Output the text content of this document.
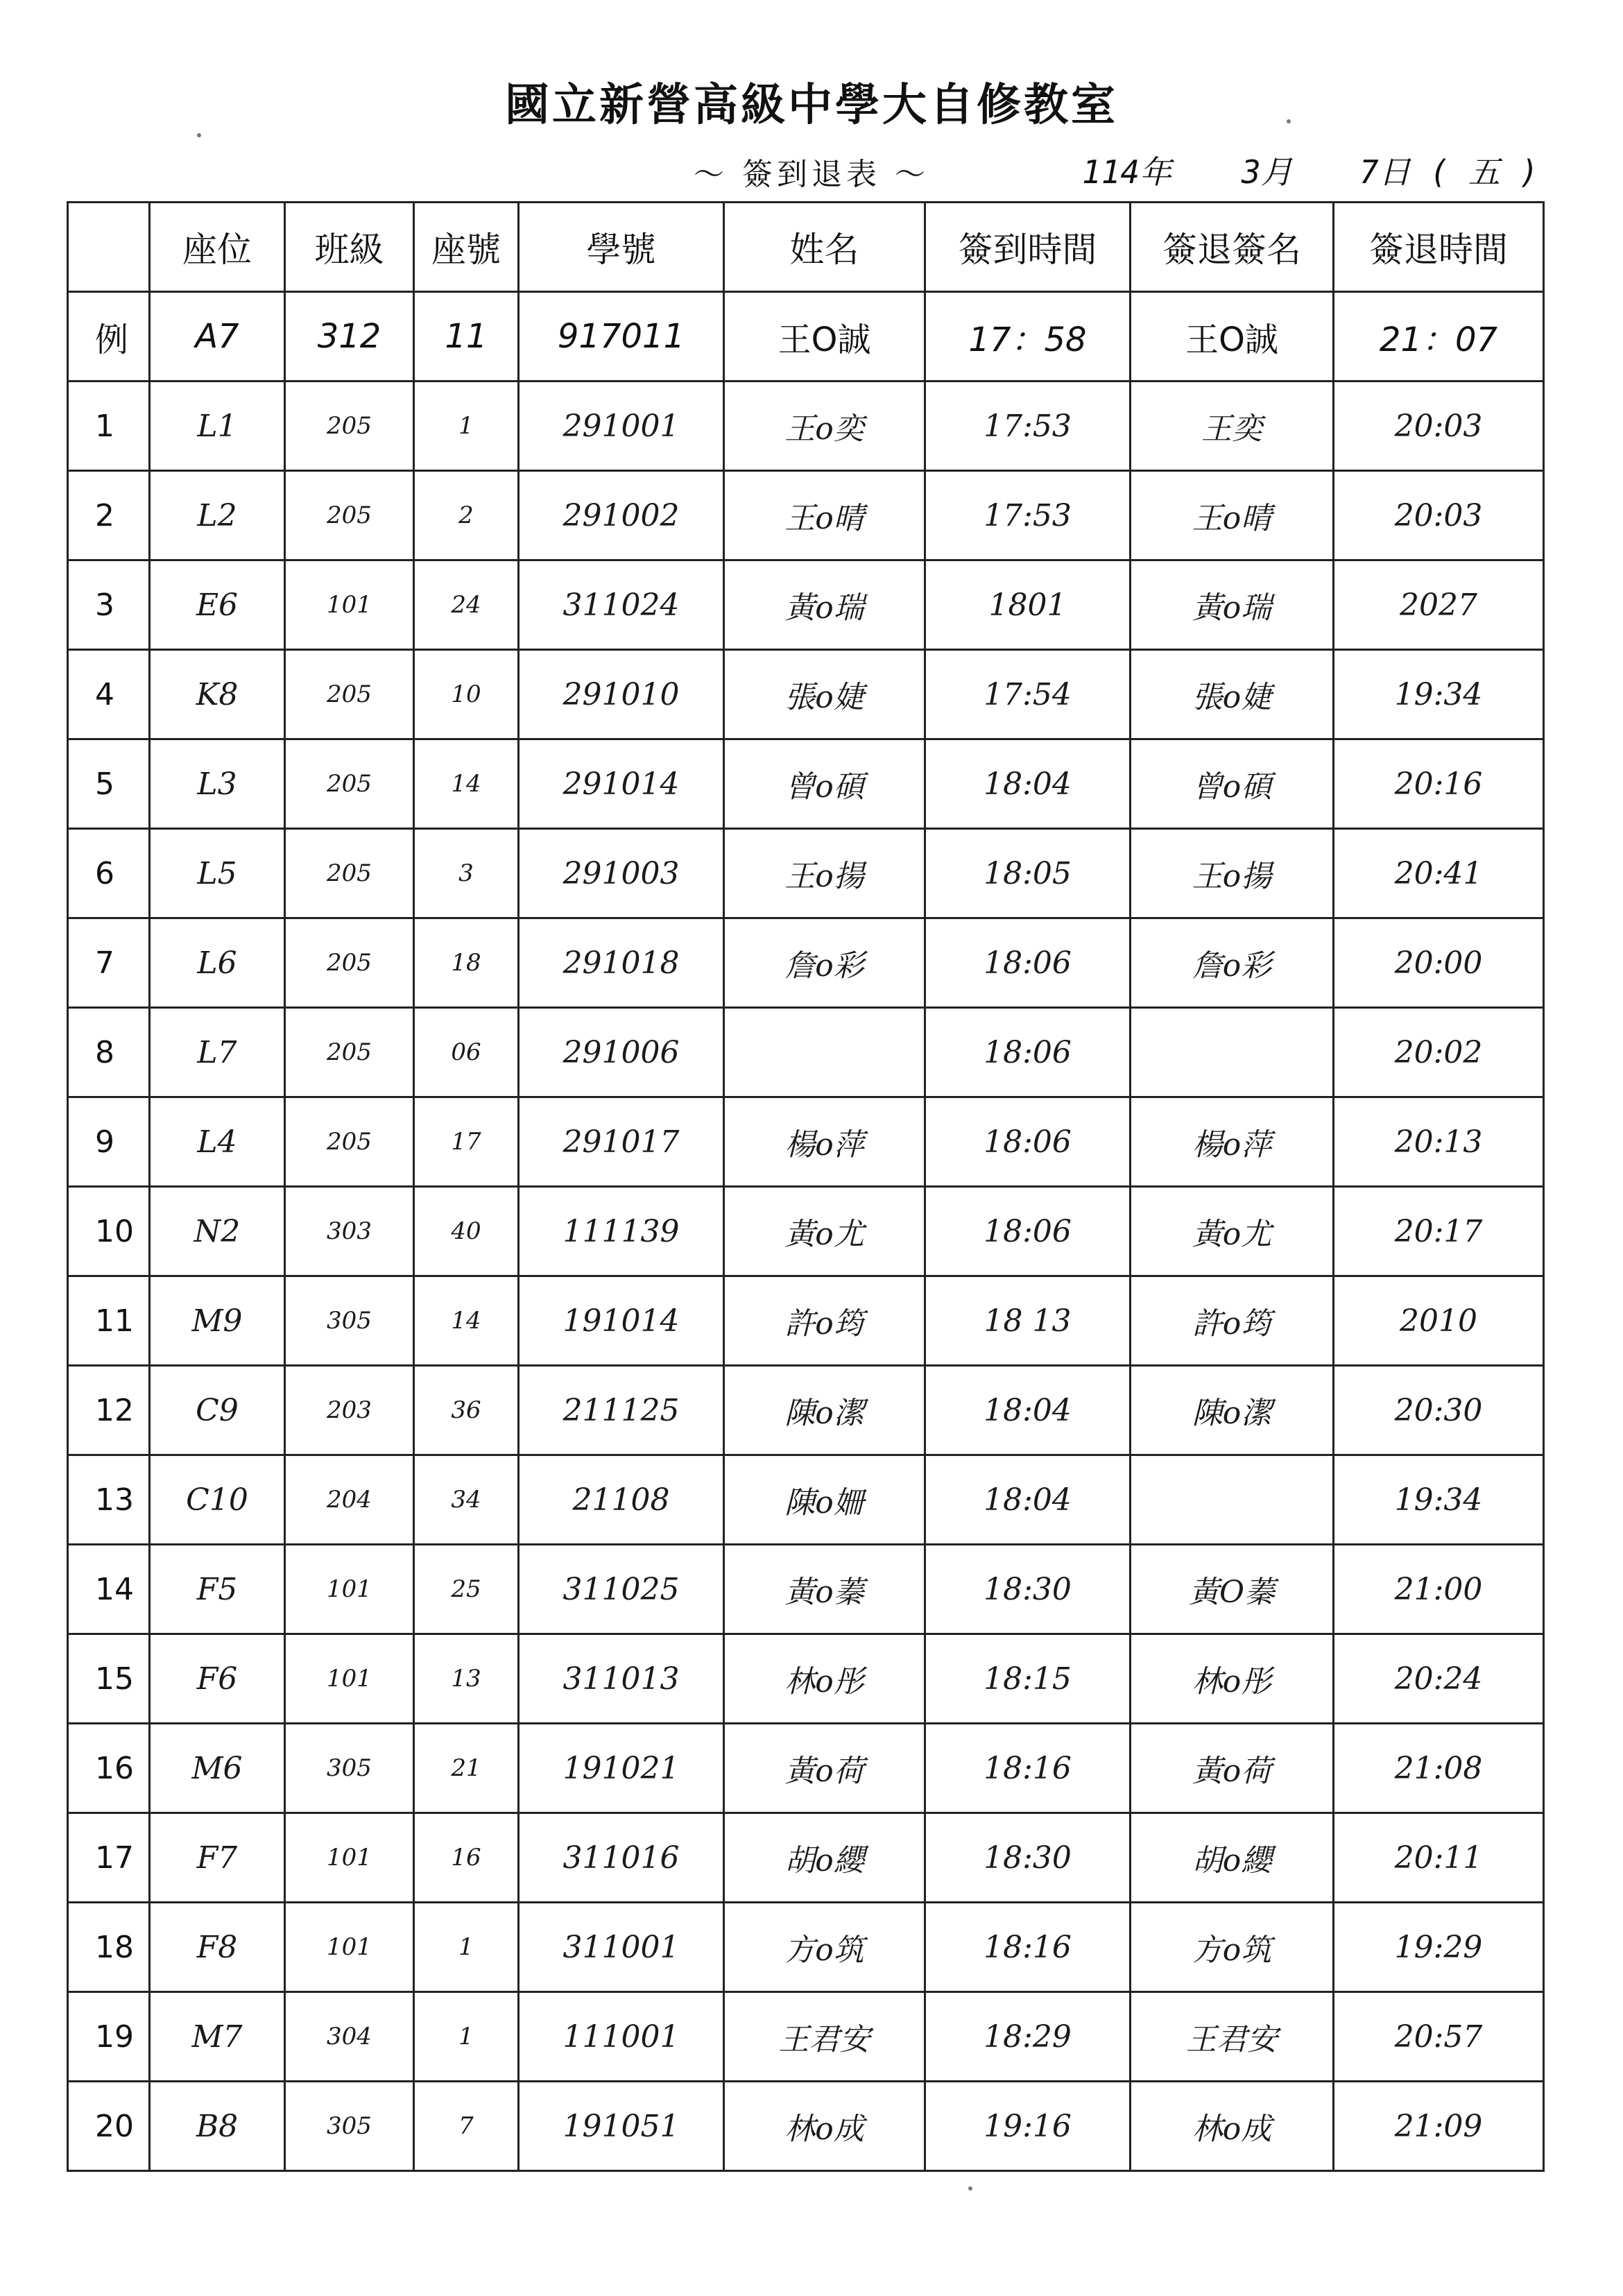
國立新營高級中學大自修教室
～ 簽到退表 ～	114年 3月 7日 ( 五 )
	座位	班級	座號	學號	姓名	簽到時間	簽退簽名	簽退時間
例	A7	312	11	917011	王O誠	17：58	王O誠	21：07
1	L1	205	1	291001	王o奕	17:53	王奕	20:03
2	L2	205	2	291002	王o晴	17:53	王o晴	20:03
3	E6	101	24	311024	黃o瑞	1801	黃o瑞	2027
4	K8	205	10	291010	張o婕	17:54	張o婕	19:34
5	L3	205	14	291014	曾o碩	18:04	曾o碩	20:16
6	L5	205	3	291003	王o揚	18:05	王o揚	20:41
7	L6	205	18	291018	詹o彩	18:06	詹o彩	20:00
8	L7	205	06	291006		18:06		20:02
9	L4	205	17	291017	楊o萍	18:06	楊o萍	20:13
10	N2	303	40	111139	黃o尤	18:06	黃o尤	20:17
11	M9	305	14	191014	許o筠	18 13	許o筠	2010
12	C9	203	36	211125	陳o潔	18:04	陳o潔	20:30
13	C10	204	34	21108	陳o姍	18:04		19:34
14	F5	101	25	311025	黃o蓁	18:30	黃O蓁	21:00
15	F6	101	13	311013	林o彤	18:15	林o彤	20:24
16	M6	305	21	191021	黃o荷	18:16	黃o荷	21:08
17	F7	101	16	311016	胡o纓	18:30	胡o纓	20:11
18	F8	101	1	311001	方o筑	18:16	方o筑	19:29
19	M7	304	1	111001	王君安	18:29	王君安	20:57
20	B8	305	7	191051	林o成	19:16	林o成	21:09
